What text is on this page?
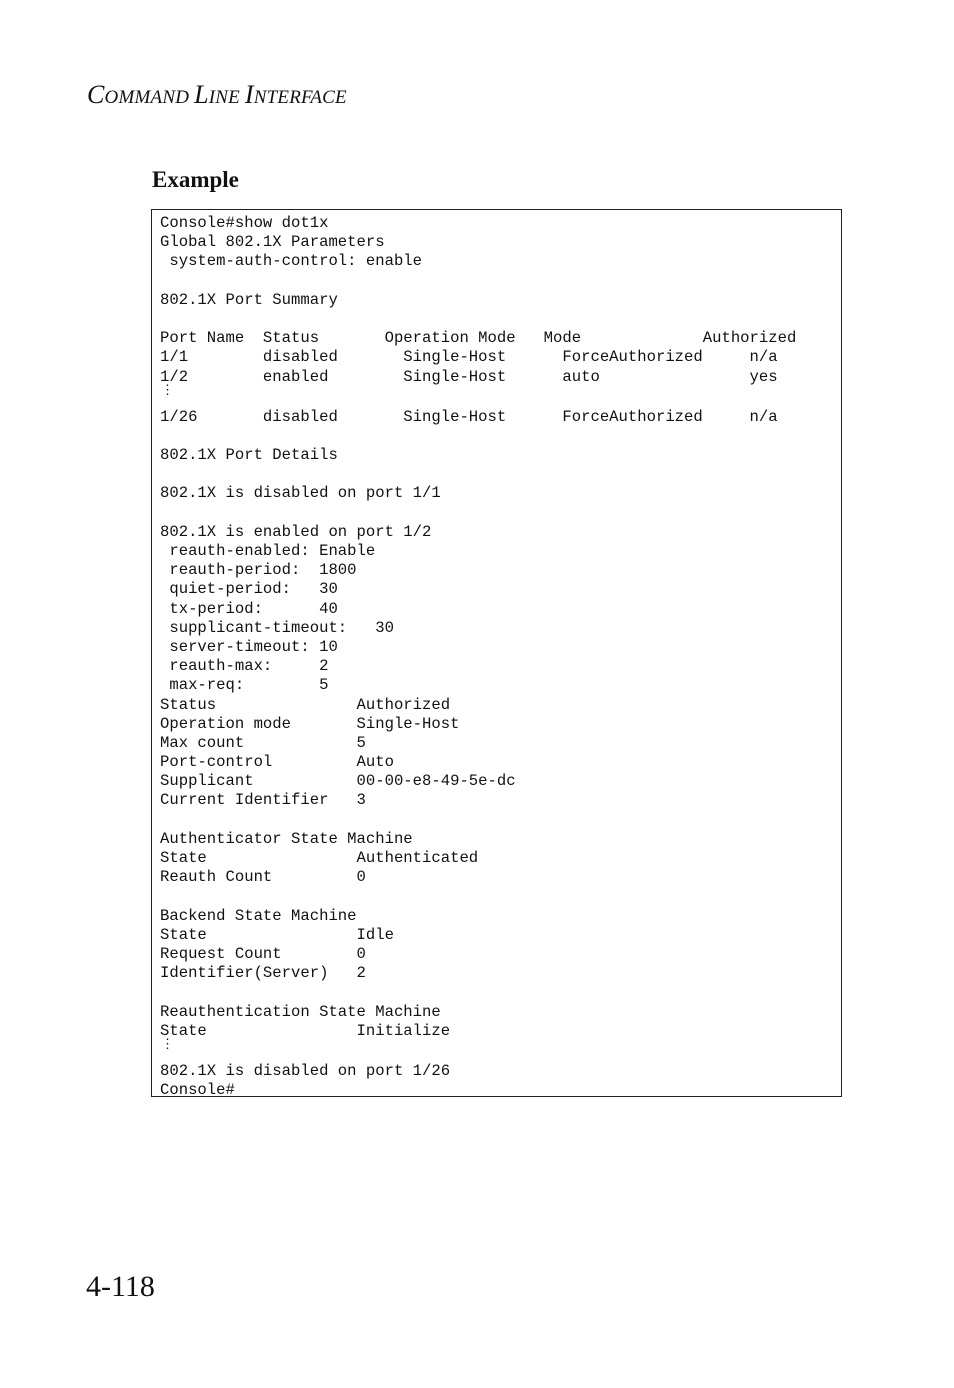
COMMAND LINE INTERFACE
Example
Console#show dot1x
Global 802.1X Parameters
system-auth-control: enable

802.1X Port Summary

Port Name  Status       Operation Mode   Mode             Authorized
1/1        disabled       Single-Host      ForceAuthorized     n/a
1/2        enabled        Single-Host      auto                yes
⋮
1/26       disabled       Single-Host      ForceAuthorized     n/a

802.1X Port Details

802.1X is disabled on port 1/1

802.1X is enabled on port 1/2
reauth-enabled: Enable
reauth-period:  1800
quiet-period:   30
tx-period:      40
supplicant-timeout:   30
server-timeout: 10
reauth-max:     2
max-req:        5
Status               Authorized
Operation mode       Single-Host
Max count            5
Port-control         Auto
Supplicant           00-00-e8-49-5e-dc
Current Identifier   3

Authenticator State Machine
State                Authenticated
Reauth Count         0

Backend State Machine
State                Idle
Request Count        0
Identifier(Server)   2

Reauthentication State Machine
State                Initialize
⋮
802.1X is disabled on port 1/26
Console#
4-118
